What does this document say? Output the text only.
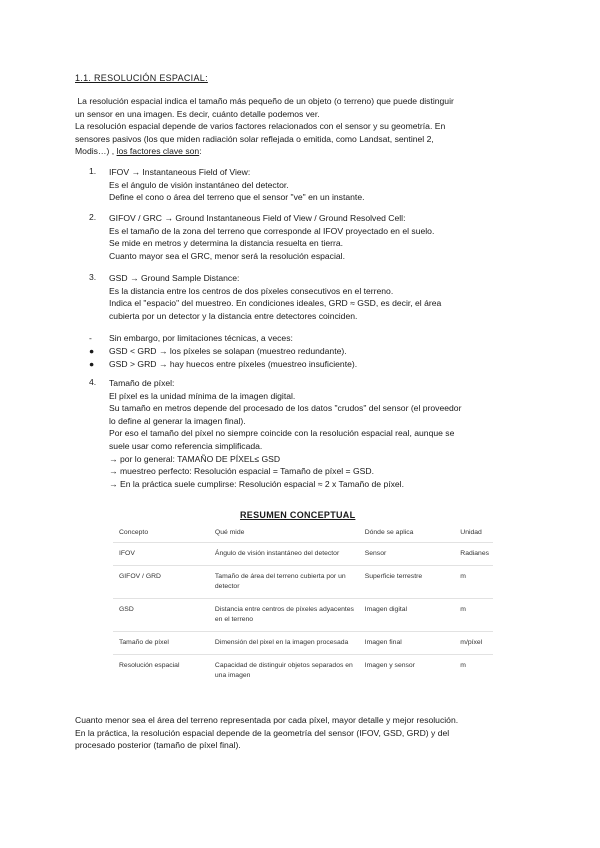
1.1. RESOLUCIÓN ESPACIAL:
La resolución espacial indica el tamaño más pequeño de un objeto (o terreno) que puede distinguir
un sensor en una imagen. Es decir, cuánto detalle podemos ver.
La resolución espacial depende de varios factores relacionados con el sensor y su geometría. En
sensores pasivos (los que miden radiación solar reflejada o emitida, como Landsat, sentinel 2,
Modis…) , los factores clave son:
1. IFOV → Instantaneous Field of View:
Es el ángulo de visión instantáneo del detector.
Define el cono o área del terreno que el sensor "ve" en un instante.
2. GIFOV / GRC → Ground Instantaneous Field of View / Ground Resolved Cell:
Es el tamaño de la zona del terreno que corresponde al IFOV proyectado en el suelo.
Se mide en metros y determina la distancia resuelta en tierra.
Cuanto mayor sea el GRC, menor será la resolución espacial.
3. GSD → Ground Sample Distance:
Es la distancia entre los centros de dos píxeles consecutivos en el terreno.
Indica el "espacio" del muestreo. En condiciones ideales, GRD ≈ GSD, es decir, el área
cubierta por un detector y la distancia entre detectores coinciden.
- Sin embargo, por limitaciones técnicas, a veces:
● GSD < GRD → los píxeles se solapan (muestreo redundante).
● GSD > GRD → hay huecos entre píxeles (muestreo insuficiente).
4. Tamaño de píxel:
El píxel es la unidad mínima de la imagen digital.
Su tamaño en metros depende del procesado de los datos "crudos" del sensor (el proveedor
lo define al generar la imagen final).
Por eso el tamaño del píxel no siempre coincide con la resolución espacial real, aunque se
suele usar como referencia simplificada.
→ por lo general: TAMAÑO DE PÍXEL≤ GSD
→ muestreo perfecto: Resolución espacial = Tamaño de píxel = GSD.
→ En la práctica suele cumplirse: Resolución espacial ≈ 2 x Tamaño de píxel.
RESUMEN CONCEPTUAL
Concepto	Qué mide	Dónde se aplica	Unidad
IFOV	Ángulo de visión instantáneo del detector	Sensor	Radianes
GIFOV / GRD	Tamaño de área del terreno cubierta por un detector	Superficie terrestre	m
GSD	Distancia entre centros de píxeles adyacentes en el terreno	Imagen digital	m
Tamaño de píxel	Dimensión del pixel en la imagen procesada	Imagen final	m/píxel
Resolución espacial	Capacidad de distinguir objetos separados en una imagen	Imagen y sensor	m
Cuanto menor sea el área del terreno representada por cada píxel, mayor detalle y mejor resolución.
En la práctica, la resolución espacial depende de la geometría del sensor (IFOV, GSD, GRD) y del
procesado posterior (tamaño de píxel final).
